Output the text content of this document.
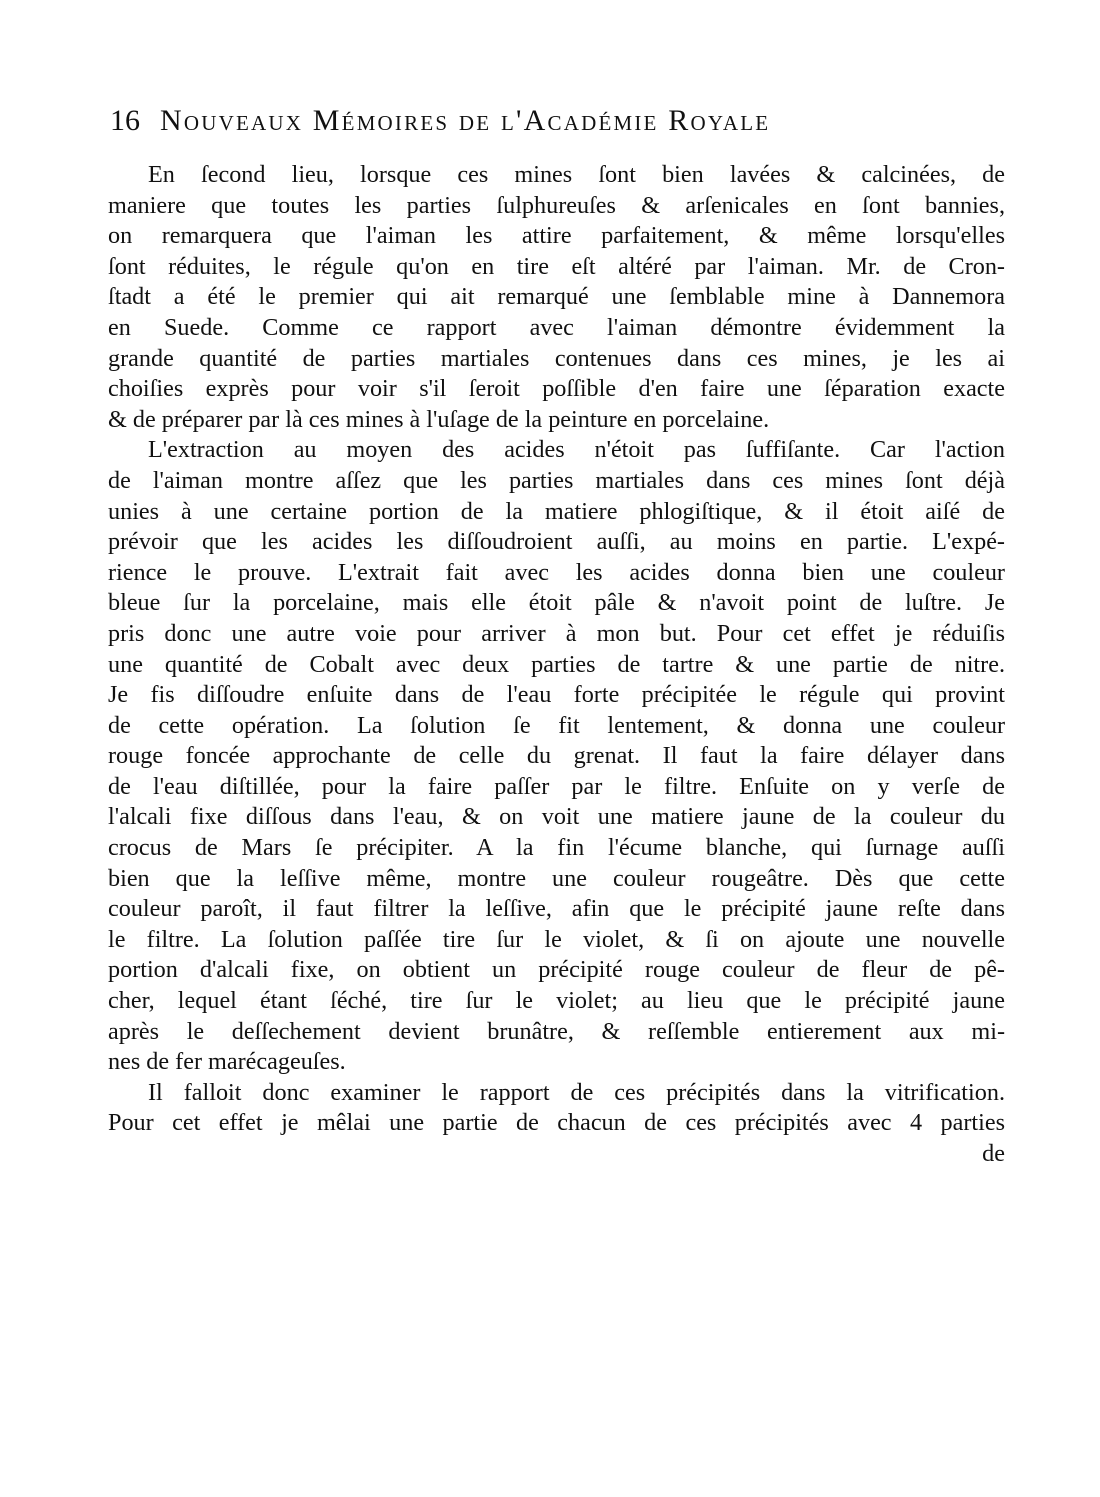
16 Nouveaux Mémoires de l'Académie Royale
En ſecond lieu, lorsque ces mines ſont bien lavées & calcinées, de
maniere que toutes les parties ſulphureuſes & arſenicales en ſont bannies,
on remarquera que l'aiman les attire parfaitement, & même lorsqu'elles
ſont réduites, le régule qu'on en tire eſt altéré par l'aiman. Mr. de Cron-
ſtadt a été le premier qui ait remarqué une ſemblable mine à Dannemora
en Suede. Comme ce rapport avec l'aiman démontre évidemment la
grande quantité de parties martiales contenues dans ces mines, je les ai
choiſies exprès pour voir s'il ſeroit poſſible d'en faire une ſéparation exacte
& de préparer par là ces mines à l'uſage de la peinture en porcelaine.
L'extraction au moyen des acides n'étoit pas ſuffiſante. Car l'action
de l'aiman montre aſſez que les parties martiales dans ces mines ſont déjà
unies à une certaine portion de la matiere phlogiſtique, & il étoit aiſé de
prévoir que les acides les diſſoudroient auſſi, au moins en partie. L'expé-
rience le prouve. L'extrait fait avec les acides donna bien une couleur
bleue ſur la porcelaine, mais elle étoit pâle & n'avoit point de luſtre. Je
pris donc une autre voie pour arriver à mon but. Pour cet effet je réduiſis
une quantité de Cobalt avec deux parties de tartre & une partie de nitre.
Je fis diſſoudre enſuite dans de l'eau forte précipitée le régule qui provint
de cette opération. La ſolution ſe fit lentement, & donna une couleur
rouge foncée approchante de celle du grenat. Il faut la faire délayer dans
de l'eau diſtillée, pour la faire paſſer par le filtre. Enſuite on y verſe de
l'alcali fixe diſſous dans l'eau, & on voit une matiere jaune de la couleur du
crocus de Mars ſe précipiter. A la fin l'écume blanche, qui ſurnage auſſi
bien que la leſſive même, montre une couleur rougeâtre. Dès que cette
couleur paroît, il faut filtrer la leſſive, afin que le précipité jaune reſte dans
le filtre. La ſolution paſſée tire ſur le violet, & ſi on ajoute une nouvelle
portion d'alcali fixe, on obtient un précipité rouge couleur de fleur de pê-
cher, lequel étant ſéché, tire ſur le violet; au lieu que le précipité jaune
après le deſſechement devient brunâtre, & reſſemble entierement aux mi-
nes de fer marécageuſes.
Il falloit donc examiner le rapport de ces précipités dans la vitrification.
Pour cet effet je mêlai une partie de chacun de ces précipités avec 4 parties
de
